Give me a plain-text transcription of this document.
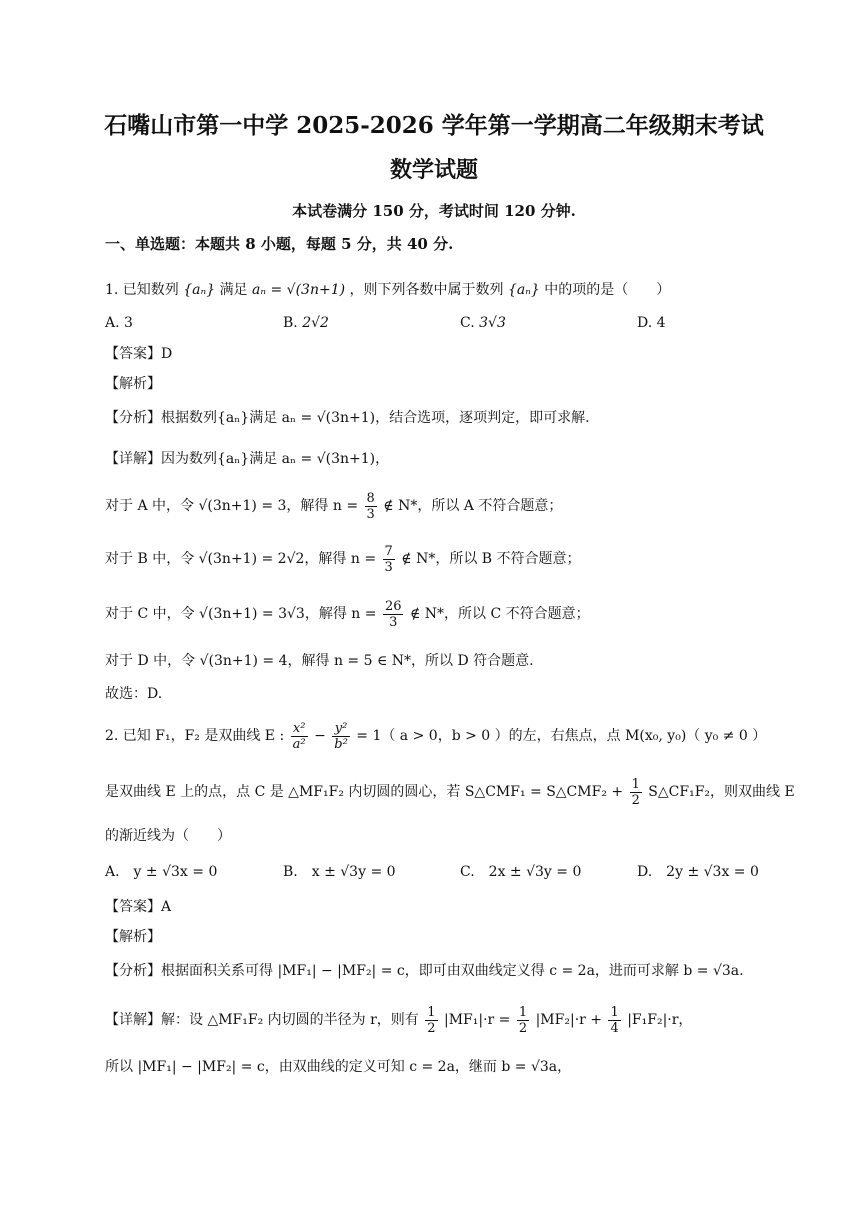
石嘴山市第一中学 2025-2026 学年第一学期高二年级期末考试
数学试题
本试卷满分 150 分，考试时间 120 分钟.
一、单选题：本题共 8 小题，每题 5 分，共 40 分.
1. 已知数列 {aₙ} 满足 aₙ = √(3n+1) ，则下列各数中属于数列 {aₙ} 中的项的是（　　）
A. 3	B. 2√2	C. 3√3	D. 4
【答案】D
【解析】
【分析】根据数列{aₙ}满足 aₙ = √(3n+1)，结合选项，逐项判定，即可求解.
【详解】因为数列{aₙ}满足 aₙ = √(3n+1)，
对于 A 中，令 √(3n+1) = 3，解得 $n = \frac{8}{3}$ ∉ N*，所以 A 不符合题意；
对于 B 中，令 √(3n+1) = 2√2，解得 $n = \frac{7}{3}$ ∉ N*，所以 B 不符合题意；
对于 C 中，令 √(3n+1) = 3√3，解得 $n = \frac{26}{3}$ ∉ N*，所以 C 不符合题意；
对于 D 中，令 √(3n+1) = 4，解得 n = 5 ∈ N*，所以 D 符合题意.
故选：D.
2. 已知 F₁，F₂ 是双曲线 E : $\frac{\text{x²}}{\text{a²}} - \frac{\text{y²}}{\text{b²}} = 1$（ a > 0，b > 0 ）的左，右焦点，点 M(x₀, y₀)（ y₀ ≠ 0 ）
是双曲线 E 上的点，点 C 是 △MF₁F₂ 内切圆的圆心，若 S△CMF₁ = S△CMF₂ + $\frac{1}{2}$ S△CF₁F₂，则双曲线 E
的渐近线为（　　）
A.　y ± √3x = 0	B.　x ± √3y = 0	C.　2x ± √3y = 0	D.　2y ± √3x = 0
【答案】A
【解析】
【分析】根据面积关系可得 |MF₁| − |MF₂| = c，即可由双曲线定义得 c = 2a，进而可求解 b = √3a.
【详解】解：设 △MF₁F₂ 内切圆的半径为 r，则有 $\frac{1}{2} |MF_1|\cdot r = \frac{1}{2} |MF_2|\cdot r + \frac{1}{4} |F_1F_2|\cdot r$，
所以 |MF₁| − |MF₂| = c，由双曲线的定义可知 c = 2a，继而 b = √3a，
